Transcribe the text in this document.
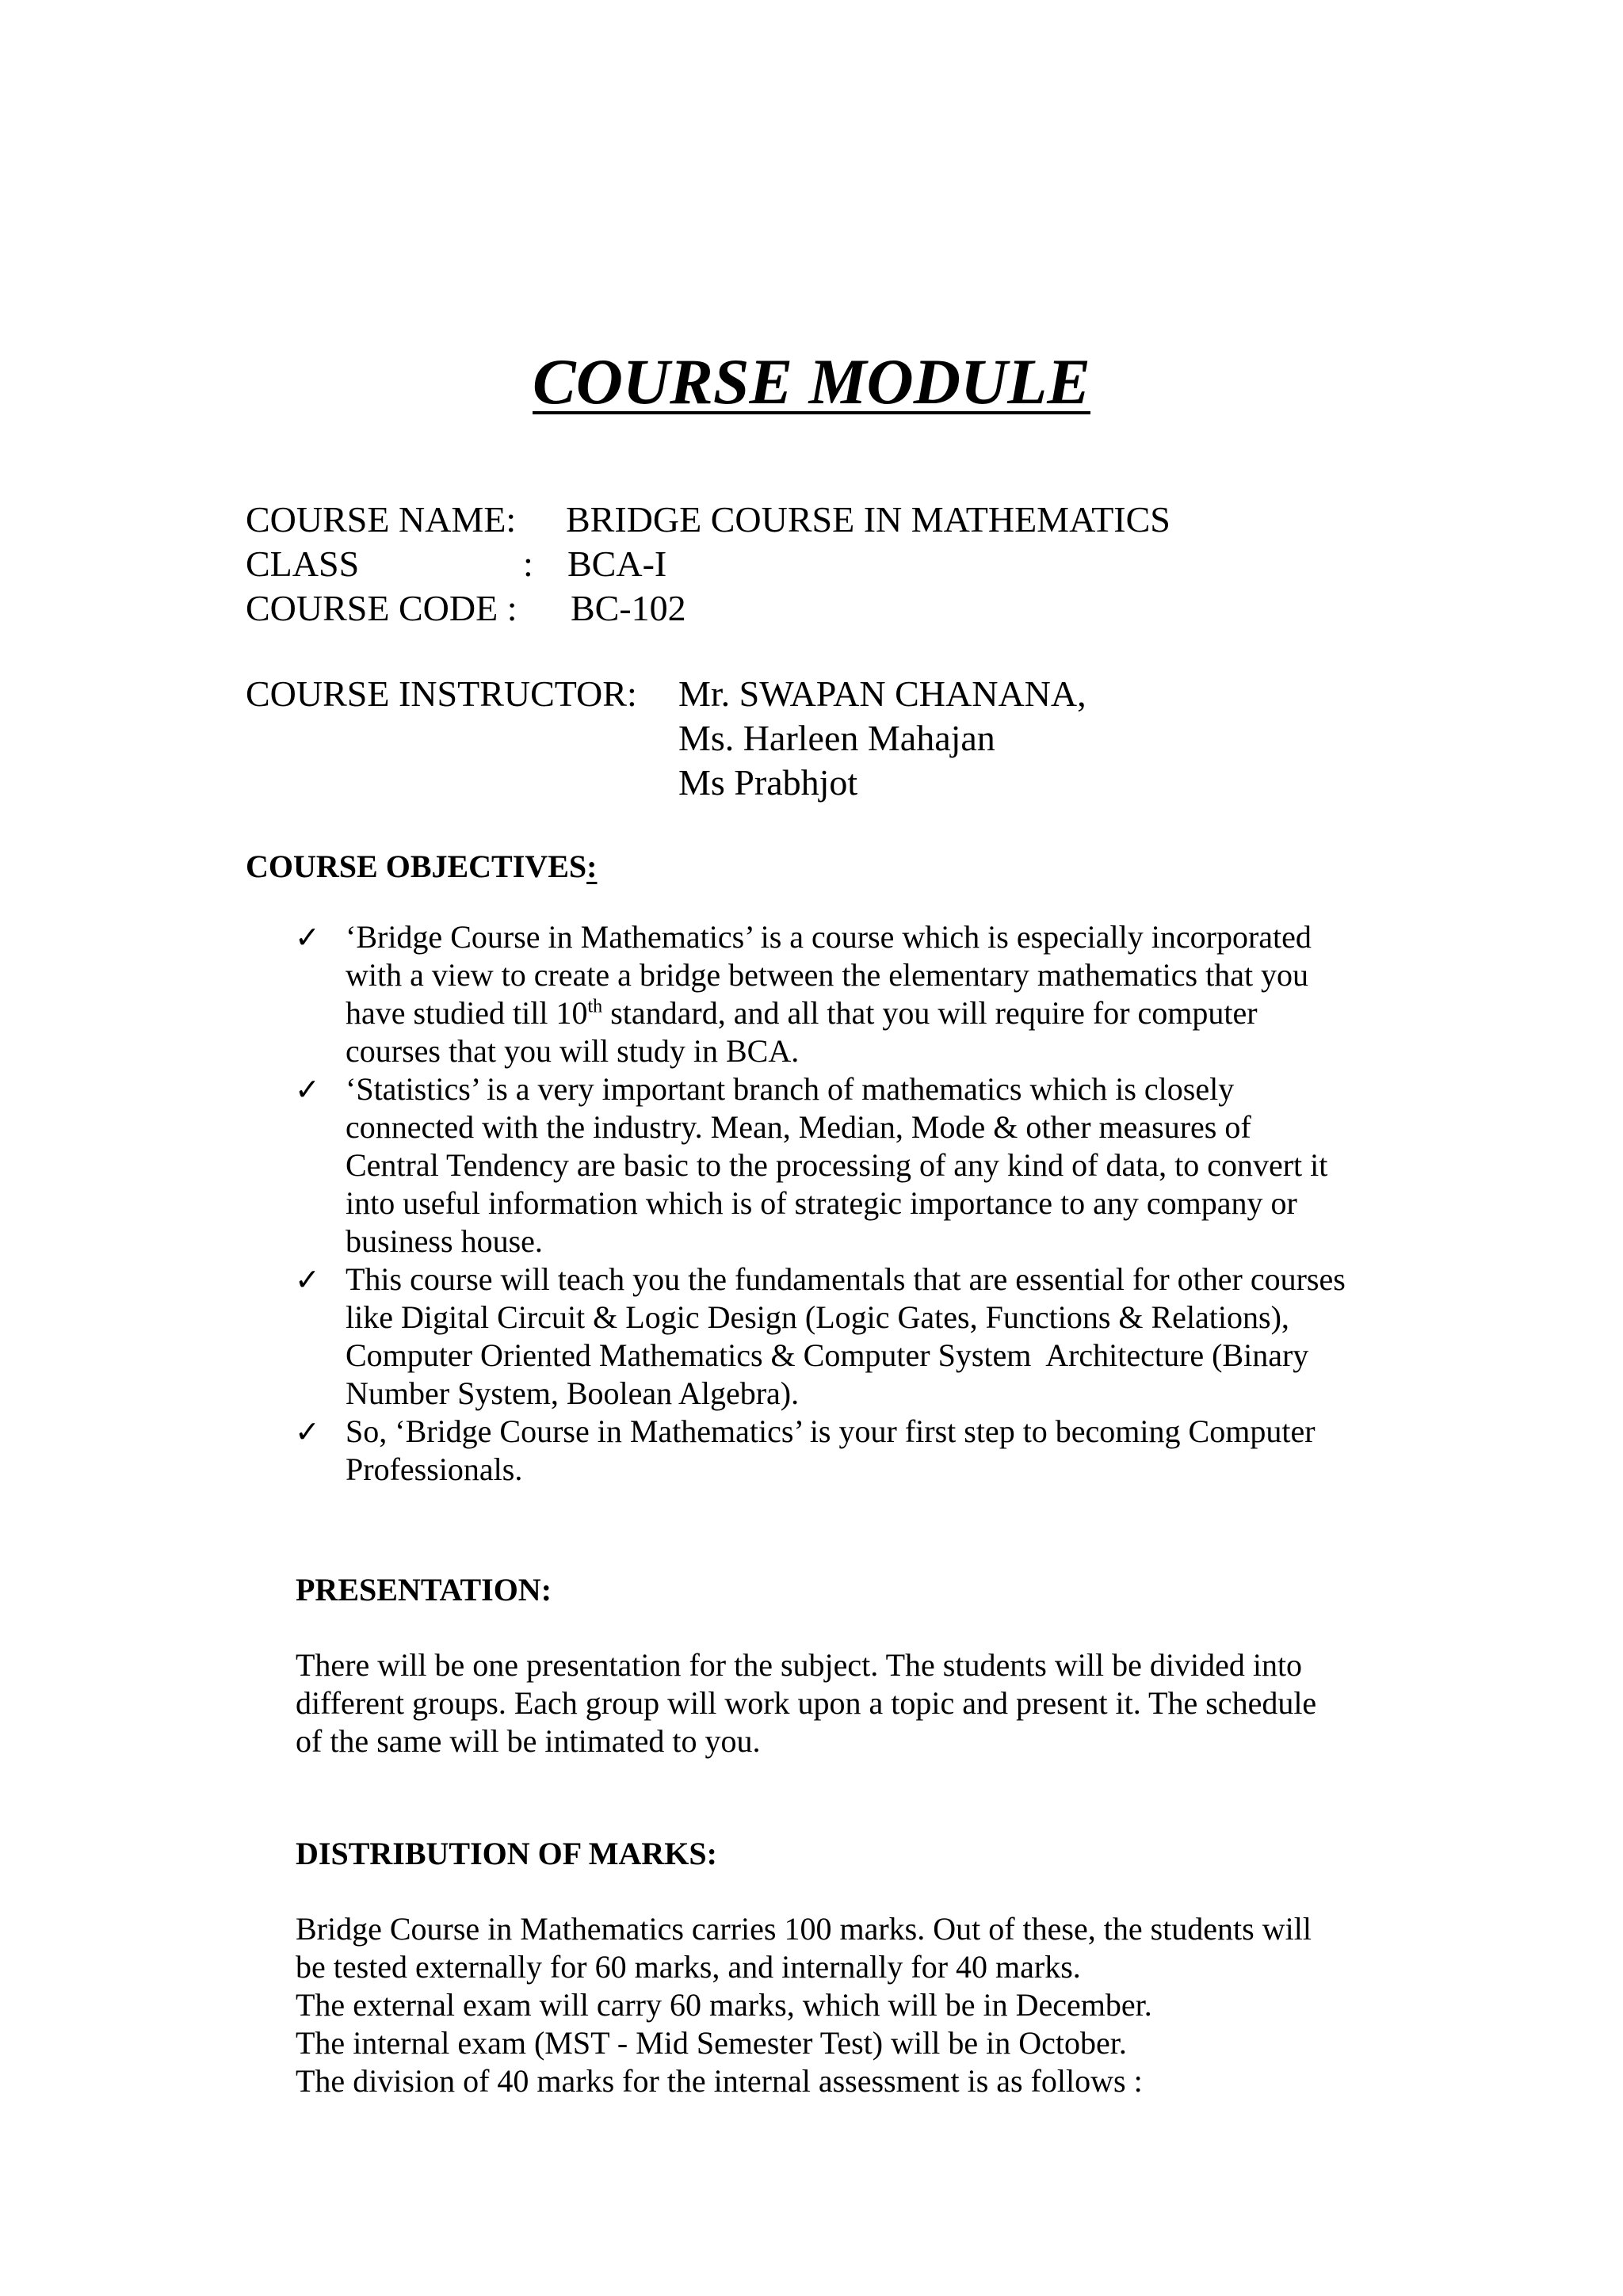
COURSE MODULE
COURSE NAME: BRIDGE COURSE IN MATHEMATICS
CLASS	: BCA-I
COURSE CODE : BC-102
COURSE INSTRUCTOR: Mr. SWAPAN CHANANA,
Ms. Harleen Mahajan
Ms Prabhjot
COURSE OBJECTIVES:
✓ ‘Bridge Course in Mathematics’ is a course which is especially incorporated
with a view to create a bridge between the elementary mathematics that you
have studied till 10th standard, and all that you will require for computer
courses that you will study in BCA.
✓ ‘Statistics’ is a very important branch of mathematics which is closely
connected with the industry. Mean, Median, Mode & other measures of
Central Tendency are basic to the processing of any kind of data, to convert it
into useful information which is of strategic importance to any company or
business house.
✓ This course will teach you the fundamentals that are essential for other courses
like Digital Circuit & Logic Design (Logic Gates, Functions & Relations),
Computer Oriented Mathematics & Computer System  Architecture (Binary
Number System, Boolean Algebra).
✓ So, ‘Bridge Course in Mathematics’ is your first step to becoming Computer
Professionals.
PRESENTATION:
There will be one presentation for the subject. The students will be divided into
different groups. Each group will work upon a topic and present it. The schedule
of the same will be intimated to you.
DISTRIBUTION OF MARKS:
Bridge Course in Mathematics carries 100 marks. Out of these, the students will
be tested externally for 60 marks, and internally for 40 marks.
The external exam will carry 60 marks, which will be in December.
The internal exam (MST - Mid Semester Test) will be in October.
The division of 40 marks for the internal assessment is as follows :
